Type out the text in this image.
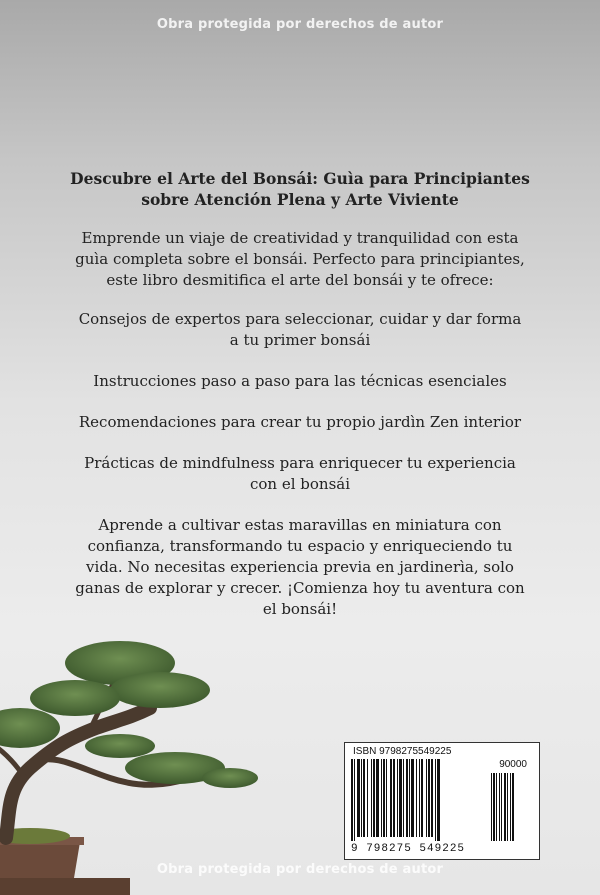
Obra protegida por derechos de autor
Descubre el Arte del Bonsái: Guìa para Principiantes
sobre Atención Plena y Arte Viviente
Emprende un viaje de creatividad y tranquilidad con esta
guìa completa sobre el bonsái. Perfecto para principiantes,
este libro desmitifica el arte del bonsái y te ofrece:
Consejos de expertos para seleccionar, cuidar y dar forma
a tu primer bonsái
Instrucciones paso a paso para las técnicas esenciales
Recomendaciones para crear tu propio jardìn Zen interior
Prácticas de mindfulness para enriquecer tu experiencia
con el bonsái
Aprende a cultivar estas maravillas en miniatura con
confianza, transformando tu espacio y enriqueciendo tu
vida. No necesitas experiencia previa en jardinerìa, solo
ganas de explorar y crecer. ¡Comienza hoy tu aventura con
el bonsái!
ISBN 9798275549225
90000
9 798275 549225
Obra protegida por derechos de autor
